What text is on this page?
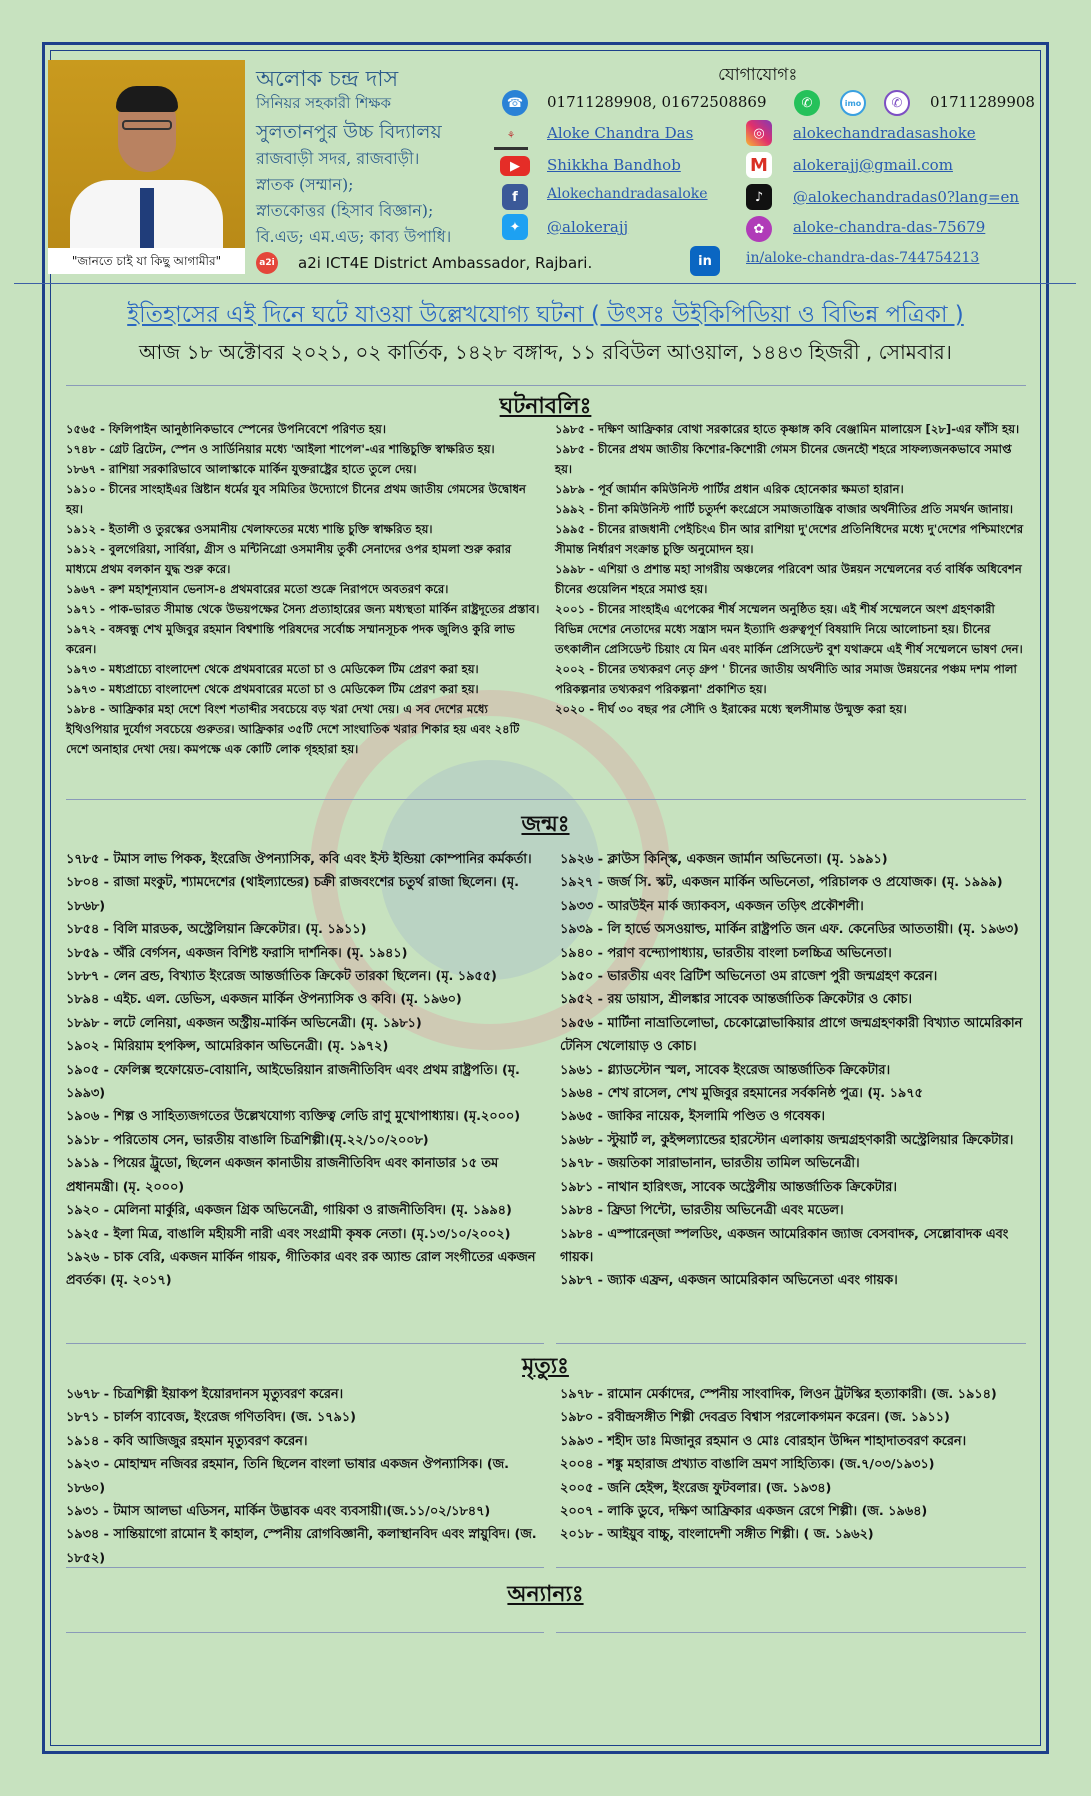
"জানতে চাই যা কিছু আগামীর"
অলোক চন্দ্র দাস
সিনিয়র সহকারী শিক্ষক
সুলতানপুর উচ্চ বিদ্যালয়
রাজবাড়ী সদর, রাজবাড়ী।
স্নাতক (সম্মান);
স্নাতকোত্তর (হিসাব বিজ্ঞান);
বি.এড; এম.এড; কাব্য উপাধি।
a2i a2i ICT4E District Ambassador, Rajbari.
যোগাযোগঃ
☎	01711289908, 01672508869	✆	imo	✆	01711289908
⚘	Aloke Chandra Das	◎	alokechandradasashoke
▶	Shikkha Bandhob	M alokerajj@gmail.com
f	Alokechandradasaloke	♪	@alokechandradas0?lang=en
✦	@alokerajj	✿	aloke-chandra-das-75679
in	in/aloke-chandra-das-744754213
ইতিহাসের এই দিনে ঘটে যাওয়া উল্লেখযোগ্য ঘটনা ( উৎসঃ উইকিপিডিয়া ও বিভিন্ন পত্রিকা )
আজ ১৮ অক্টোবর ২০২১, ০২ কার্তিক, ১৪২৮ বঙ্গাব্দ, ১১ রবিউল আওয়াল, ১৪৪৩ হিজরী , সোমবার।
ঘটনাবলিঃ

১৫৬৫ - ফিলিপাইন আনুষ্ঠানিকভাবে স্পেনের উপনিবেশে পরিণত হয়।

১৭৪৮ - গ্রেট ব্রিটেন, স্পেন ও সার্ডিনিয়ার মধ্যে 'আইলা শাপেল'-এর শান্তিচুক্তি স্বাক্ষরিত হয়।

১৮৬৭ - রাশিয়া সরকারিভাবে আলাস্কাকে মার্কিন যুক্তরাষ্ট্রের হাতে তুলে দেয়।

১৯১০ - চীনের সাংহাইএর খ্রিষ্টান ধর্মের যুব সমিতির উদ্যোগে চীনের প্রথম জাতীয় গেমসের উদ্বোধন হয়।

১৯১২ - ইতালী ও তুরস্কের ওসমানীয় খেলাফতের মধ্যে শান্তি চুক্তি স্বাক্ষরিত হয়।

১৯১২ - বুলগেরিয়া, সার্বিয়া, গ্রীস ও মন্টিনিগ্রো ওসমানীয় তুর্কী সেনাদের ওপর হামলা শুরু করার মাধ্যমে প্রথম বলকান যুদ্ধ শুরু করে।

১৯৬৭ - রুশ মহাশূন্যযান ভেনাস-৪ প্রথমবারের মতো শুক্রে নিরাপদে অবতরণ করে।

১৯৭১ - পাক-ভারত সীমান্ত থেকে উভয়পক্ষের সৈন্য প্রত্যাহারের জন্য মধ্যস্থতা মার্কিন রাষ্ট্রদূতের প্রস্তাব।

১৯৭২ - বঙ্গবন্ধু শেখ মুজিবুর রহমান বিশ্বশান্তি পরিষদের সর্বোচ্চ সম্মানসূচক পদক জুলিও কুরি লাভ করেন।

১৯৭৩ - মধ্যপ্রাচ্যে বাংলাদেশ থেকে প্রথমবারের মতো চা ও মেডিকেল টিম প্রেরণ করা হয়।

১৯৭৩ - মধ্যপ্রাচ্যে বাংলাদেশ থেকে প্রথমবারের মতো চা ও মেডিকেল টিম প্রেরণ করা হয়।

১৯৮৪ - আফ্রিকার মহা দেশে বিংশ শতাব্দীর সবচেয়ে বড় খরা দেখা দেয়। এ সব দেশের মধ্যে ইথিওপিয়ার দুর্যোগ সবচেয়ে গুরুতর। আফ্রিকার ৩৫টি দেশে সাংঘাতিক খরার শিকার হয় এবং ২৪টি দেশে অনাহার দেখা দেয়। কমপক্ষে এক কোটি লোক গৃহহারা হয়।

১৯৮৫ - দক্ষিণ আফ্রিকার বোথা সরকারের হাতে কৃষ্ণাঙ্গ কবি বেঞ্জামিন মালায়েস [২৮]-এর ফাঁসি হয়।

১৯৮৫ - চীনের প্রথম জাতীয় কিশোর-কিশোরী গেমস চীনের জেনহৌ শহরে সাফল্যজনকভাবে সমাপ্ত হয়।

১৯৮৯ - পূর্ব জার্মান কমিউনিস্ট পার্টির প্রধান এরিক হোনেকার ক্ষমতা হারান।

১৯৯২ - চীনা কমিউনিস্ট পার্টি চতুর্দশ কংগ্রেসে সমাজতান্ত্রিক বাজার অর্থনীতির প্রতি সমর্থন জানায়।

১৯৯৫ - চীনের রাজধানী পেইচিংএ চীন আর রাশিয়া দু'দেশের প্রতিনিধিদের মধ্যে দু'দেশের পশ্চিমাংশের সীমান্ত নির্ধারণ সংক্রান্ত চুক্তি অনুমোদন হয়।

১৯৯৮ - এশিয়া ও প্রশান্ত মহা সাগরীয় অঞ্চলের পরিবেশ আর উন্নয়ন সম্মেলনের বর্ত বার্ষিক অধিবেশন চীনের গুয়েলিন শহরে সমাপ্ত হয়।

২০০১ - চীনের সাংহাইএ এপেকের শীর্ষ সম্মেলন অনুষ্ঠিত হয়। এই শীর্ষ সম্মেলনে অংশ গ্রহণকারী বিভিন্ন দেশের নেতাদের মধ্যে সন্ত্রাস দমন ইত্যাদি গুরুত্বপূর্ণ বিষয়াদি নিয়ে আলোচনা হয়। চীনের তৎকালীন প্রেসিডেন্ট চিয়াং যে মিন এবং মার্কিন প্রেসিডেন্ট বুশ যথাক্রমে এই শীর্ষ সম্মেলনে ভাষণ দেন।

২০০২ - চীনের তথ্যকরণ নেতৃ গ্রুপ ' চীনের জাতীয় অর্থনীতি আর সমাজ উন্নয়নের পঞ্চম দশম পালা পরিকল্পনার তথ্যকরণ পরিকল্পনা' প্রকাশিত হয়।

২০২০ - দীর্ঘ ৩০ বছর পর সৌদি ও ইরাকের মধ্যে স্থলসীমান্ত উন্মুক্ত করা হয়।

জন্মঃ

১৭৮৫ - টমাস লাভ পিকক, ইংরেজি ঔপন্যাসিক, কবি এবং ইস্ট ইন্ডিয়া কোম্পানির কর্মকর্তা।

১৮০৪ - রাজা মংকুট, শ্যামদেশের (থাইল্যান্ডের) চক্রী রাজবংশের চতুর্থ রাজা ছিলেন। (মৃ. ১৮৬৮)

১৮৫৪ - বিলি মারডক, অস্ট্রেলিয়ান ক্রিকেটার। (মৃ. ১৯১১)

১৮৫৯ - অঁরি বের্গসন, একজন বিশিষ্ট ফরাসি দার্শনিক। (মৃ. ১৯৪১)

১৮৮৭ - লেন ব্রন্ড, বিখ্যাত ইংরেজ আন্তর্জাতিক ক্রিকেট তারকা ছিলেন। (মৃ. ১৯৫৫)

১৮৯৪ - এইচ. এল. ডেভিস, একজন মার্কিন ঔপন্যাসিক ও কবি। (মৃ. ১৯৬০)

১৮৯৮ - লটে লেনিয়া, একজন অস্ট্রীয়-মার্কিন অভিনেত্রী। (মৃ. ১৯৮১)

১৯০২ - মিরিয়াম হপকিন্স, আমেরিকান অভিনেত্রী। (মৃ. ১৯৭২)

১৯০৫ - ফেলিক্স হুফোয়েত-বোয়ানি, আইভেরিয়ান রাজনীতিবিদ এবং প্রথম রাষ্ট্রপতি। (মৃ. ১৯৯৩)

১৯০৬ - শিল্প ও সাহিত্যজগতের উল্লেখযোগ্য ব্যক্তিত্ব লেডি রাণু মুখোপাধ্যায়। (মৃ.২০০০)

১৯১৮ - পরিতোষ সেন, ভারতীয় বাঙালি চিত্রশিল্পী।(মৃ.২২/১০/২০০৮)

১৯১৯ - পিয়ের ট্রুডো, ছিলেন একজন কানাডীয় রাজনীতিবিদ এবং কানাডার ১৫ তম প্রধানমন্ত্রী। (মৃ. ২০০০)

১৯২০ - মেলিনা মার্কুরি, একজন গ্রিক অভিনেত্রী, গায়িকা ও রাজনীতিবিদ। (মৃ. ১৯৯৪)

১৯২৫ - ইলা মিত্র, বাঙালি মহীয়সী নারী এবং সংগ্রামী কৃষক নেতা। (মৃ.১৩/১০/২০০২)

১৯২৬ - চাক বেরি, একজন মার্কিন গায়ক, গীতিকার এবং রক অ্যান্ড রোল সংগীতের একজন প্রবর্তক। (মৃ. ২০১৭)

১৯২৬ - ক্লাউস কিন্স্কি, একজন জার্মান অভিনেতা। (মৃ. ১৯৯১)

১৯২৭ - জর্জ সি. স্কট, একজন মার্কিন অভিনেতা, পরিচালক ও প্রযোজক। (মৃ. ১৯৯৯)

১৯৩৩ - আরউইন মার্ক জ্যাকবস, একজন তড়িৎ প্রকৌশলী।

১৯৩৯ - লি হার্ভে অসওয়াল্ড, মার্কিন রাষ্ট্রপতি জন এফ. কেনেডির আততায়ী। (মৃ. ১৯৬৩)

১৯৪০ - পরাণ বন্দ্যোপাধ্যায়, ভারতীয় বাংলা চলচ্চিত্র অভিনেতা।

১৯৫০ - ভারতীয় এবং ব্রিটিশ অভিনেতা ওম রাজেশ পুরী জন্মগ্রহণ করেন।

১৯৫২ - রয় ডায়াস, শ্রীলঙ্কার সাবেক আন্তর্জাতিক ক্রিকেটার ও কোচ।

১৯৫৬ - মার্টিনা নাভ্রাতিলোভা, চেকোস্লোভাকিয়ার প্রাগে জন্মগ্রহণকারী বিখ্যাত আমেরিকান টেনিস খেলোয়াড় ও কোচ।

১৯৬১ - গ্ল্যাডস্টোন স্মল, সাবেক ইংরেজ আন্তর্জাতিক ক্রিকেটার।

১৯৬৪ - শেখ রাসেল, শেখ মুজিবুর রহমানের সর্বকনিষ্ঠ পুত্র। (মৃ. ১৯৭৫

১৯৬৫ - জাকির নায়েক, ইসলামি পণ্ডিত ও গবেষক।

১৯৬৮ - স্টুয়ার্ট ল, কুইন্সল্যান্ডের হারস্টোন এলাকায় জন্মগ্রহণকারী অস্ট্রেলিয়ার ক্রিকেটার।

১৯৭৮ - জয়তিকা সারাভানান, ভারতীয় তামিল অভিনেত্রী।

১৯৮১ - নাথান হারিৎজ, সাবেক অস্ট্রেলীয় আন্তর্জাতিক ক্রিকেটার।

১৯৮৪ - ফ্রিডা পিন্টো, ভারতীয় অভিনেত্রী এবং মডেল।

১৯৮৪ - এস্পারেন্জা স্পলডিং, একজন আমেরিকান জ্যাজ বেসবাদক, সেল্লোবাদক এবং গায়ক।

১৯৮৭ - জ্যাক এফ্রন, একজন আমেরিকান অভিনেতা এবং গায়ক।

মৃত্যুঃ

১৬৭৮ - চিত্রশিল্পী ইয়াকপ ইয়োরদানস মৃত্যুবরণ করেন।

১৮৭১ - চার্লস ব্যাবেজ, ইংরেজ গণিতবিদ। (জ. ১৭৯১)

১৯১৪ - কবি আজিজুর রহমান মৃত্যুবরণ করেন।

১৯২৩ - মোহাম্মদ নজিবর রহমান, তিনি ছিলেন বাংলা ভাষার একজন ঔপন্যাসিক। (জ. ১৮৬০)

১৯৩১ - টমাস আলভা এডিসন, মার্কিন উদ্ভাবক এবং ব্যবসায়ী।(জ.১১/০২/১৮৪৭)

১৯৩৪ - সান্তিয়াগো রামোন ই কাহাল, স্পেনীয় রোগবিজ্ঞানী, কলাস্থানবিদ এবং স্নায়ুবিদ। (জ. ১৮৫২)

১৯৭৮ - রামোন মের্কাদের, স্পেনীয় সাংবাদিক, লিওন ট্রটস্কির হত্যাকারী। (জ. ১৯১৪)

১৯৮০ - রবীন্দ্রসঙ্গীত শিল্পী দেবব্রত বিশ্বাস পরলোকগমন করেন। (জ. ১৯১১)

১৯৯৩ - শহীদ ডাঃ মিজানুর রহমান ও মোঃ বোরহান উদ্দিন শাহাদাতবরণ করেন।

২০০৪ - শঙ্কু মহারাজ প্রখ্যাত বাঙালি ভ্রমণ সাহিত্যিক। (জ.৭/০৩/১৯৩১)

২০০৫ - জনি হেইন্স, ইংরেজ ফুটবলার। (জ. ১৯৩৪)

২০০৭ - লাকি ডুবে, দক্ষিণ আফ্রিকার একজন রেগে শিল্পী। (জ. ১৯৬৪)

২০১৮ - আইয়ুব বাচ্চু, বাংলাদেশী সঙ্গীত শিল্পী। ( জ. ১৯৬২)

অন্যান্যঃ
